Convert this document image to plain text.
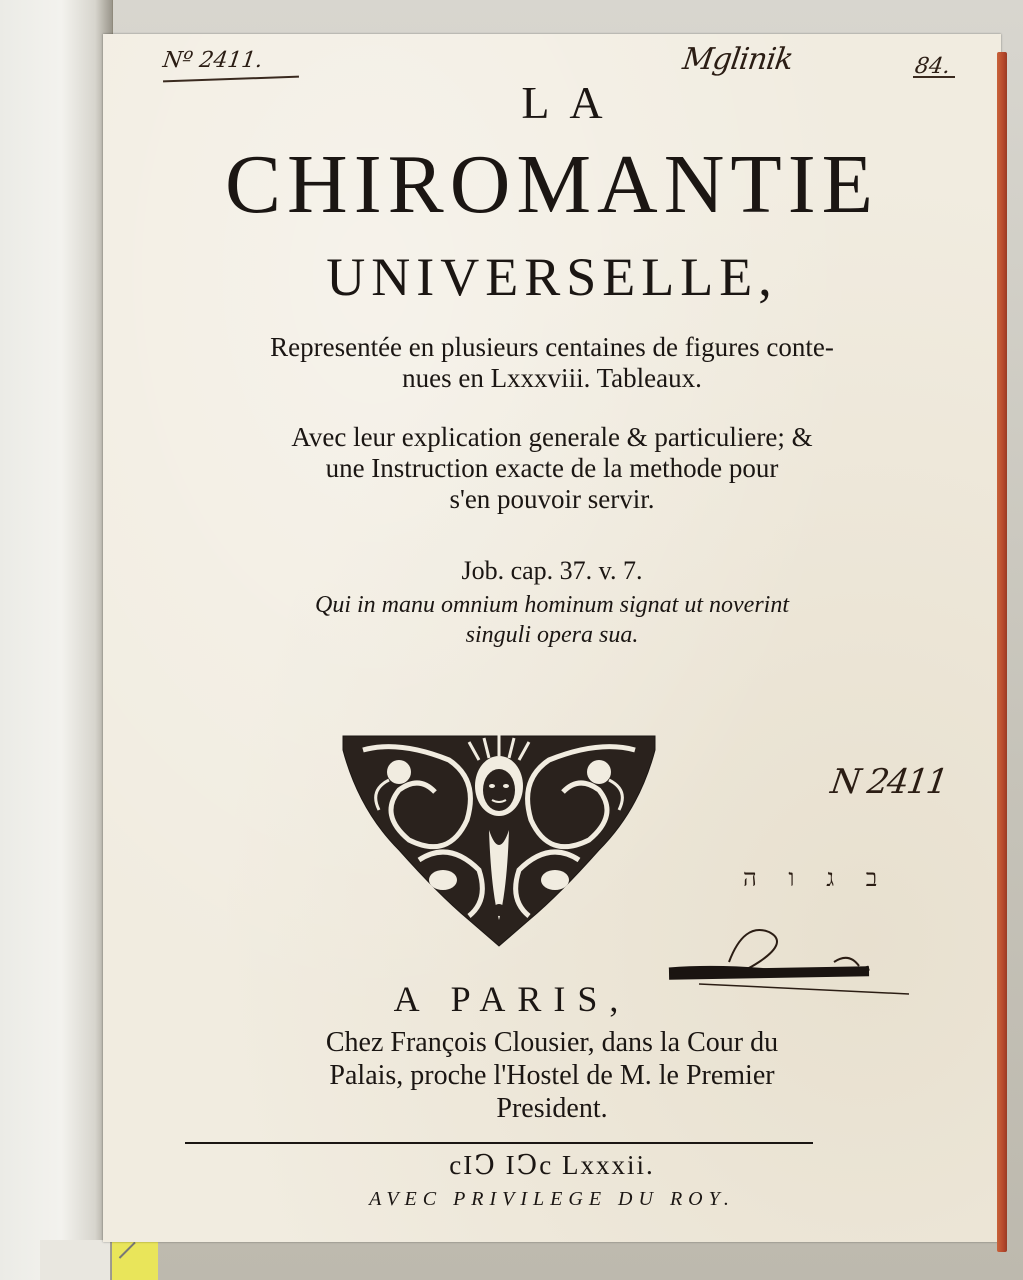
Nº 2411.	Mglinik	84.
N 2411
ב ג ו ה
LA
CHIROMANTIE
UNIVERSELLE,
Representée en plusieurs centaines de figures conte-
nues en Lxxxviii. Tableaux.
Avec leur explication generale & particuliere; &
une Instruction exacte de la methode pour
s'en pouvoir servir.
Job. cap. 37. v. 7.
Qui in manu omnium hominum signat ut noverint
singuli opera sua.
A PARIS,
Chez François Clousier, dans la Cour du
Palais, proche l'Hostel de M. le Premier
President.
cIↃ IↃc Lxxxii.
AVEC PRIVILEGE DU ROY.
